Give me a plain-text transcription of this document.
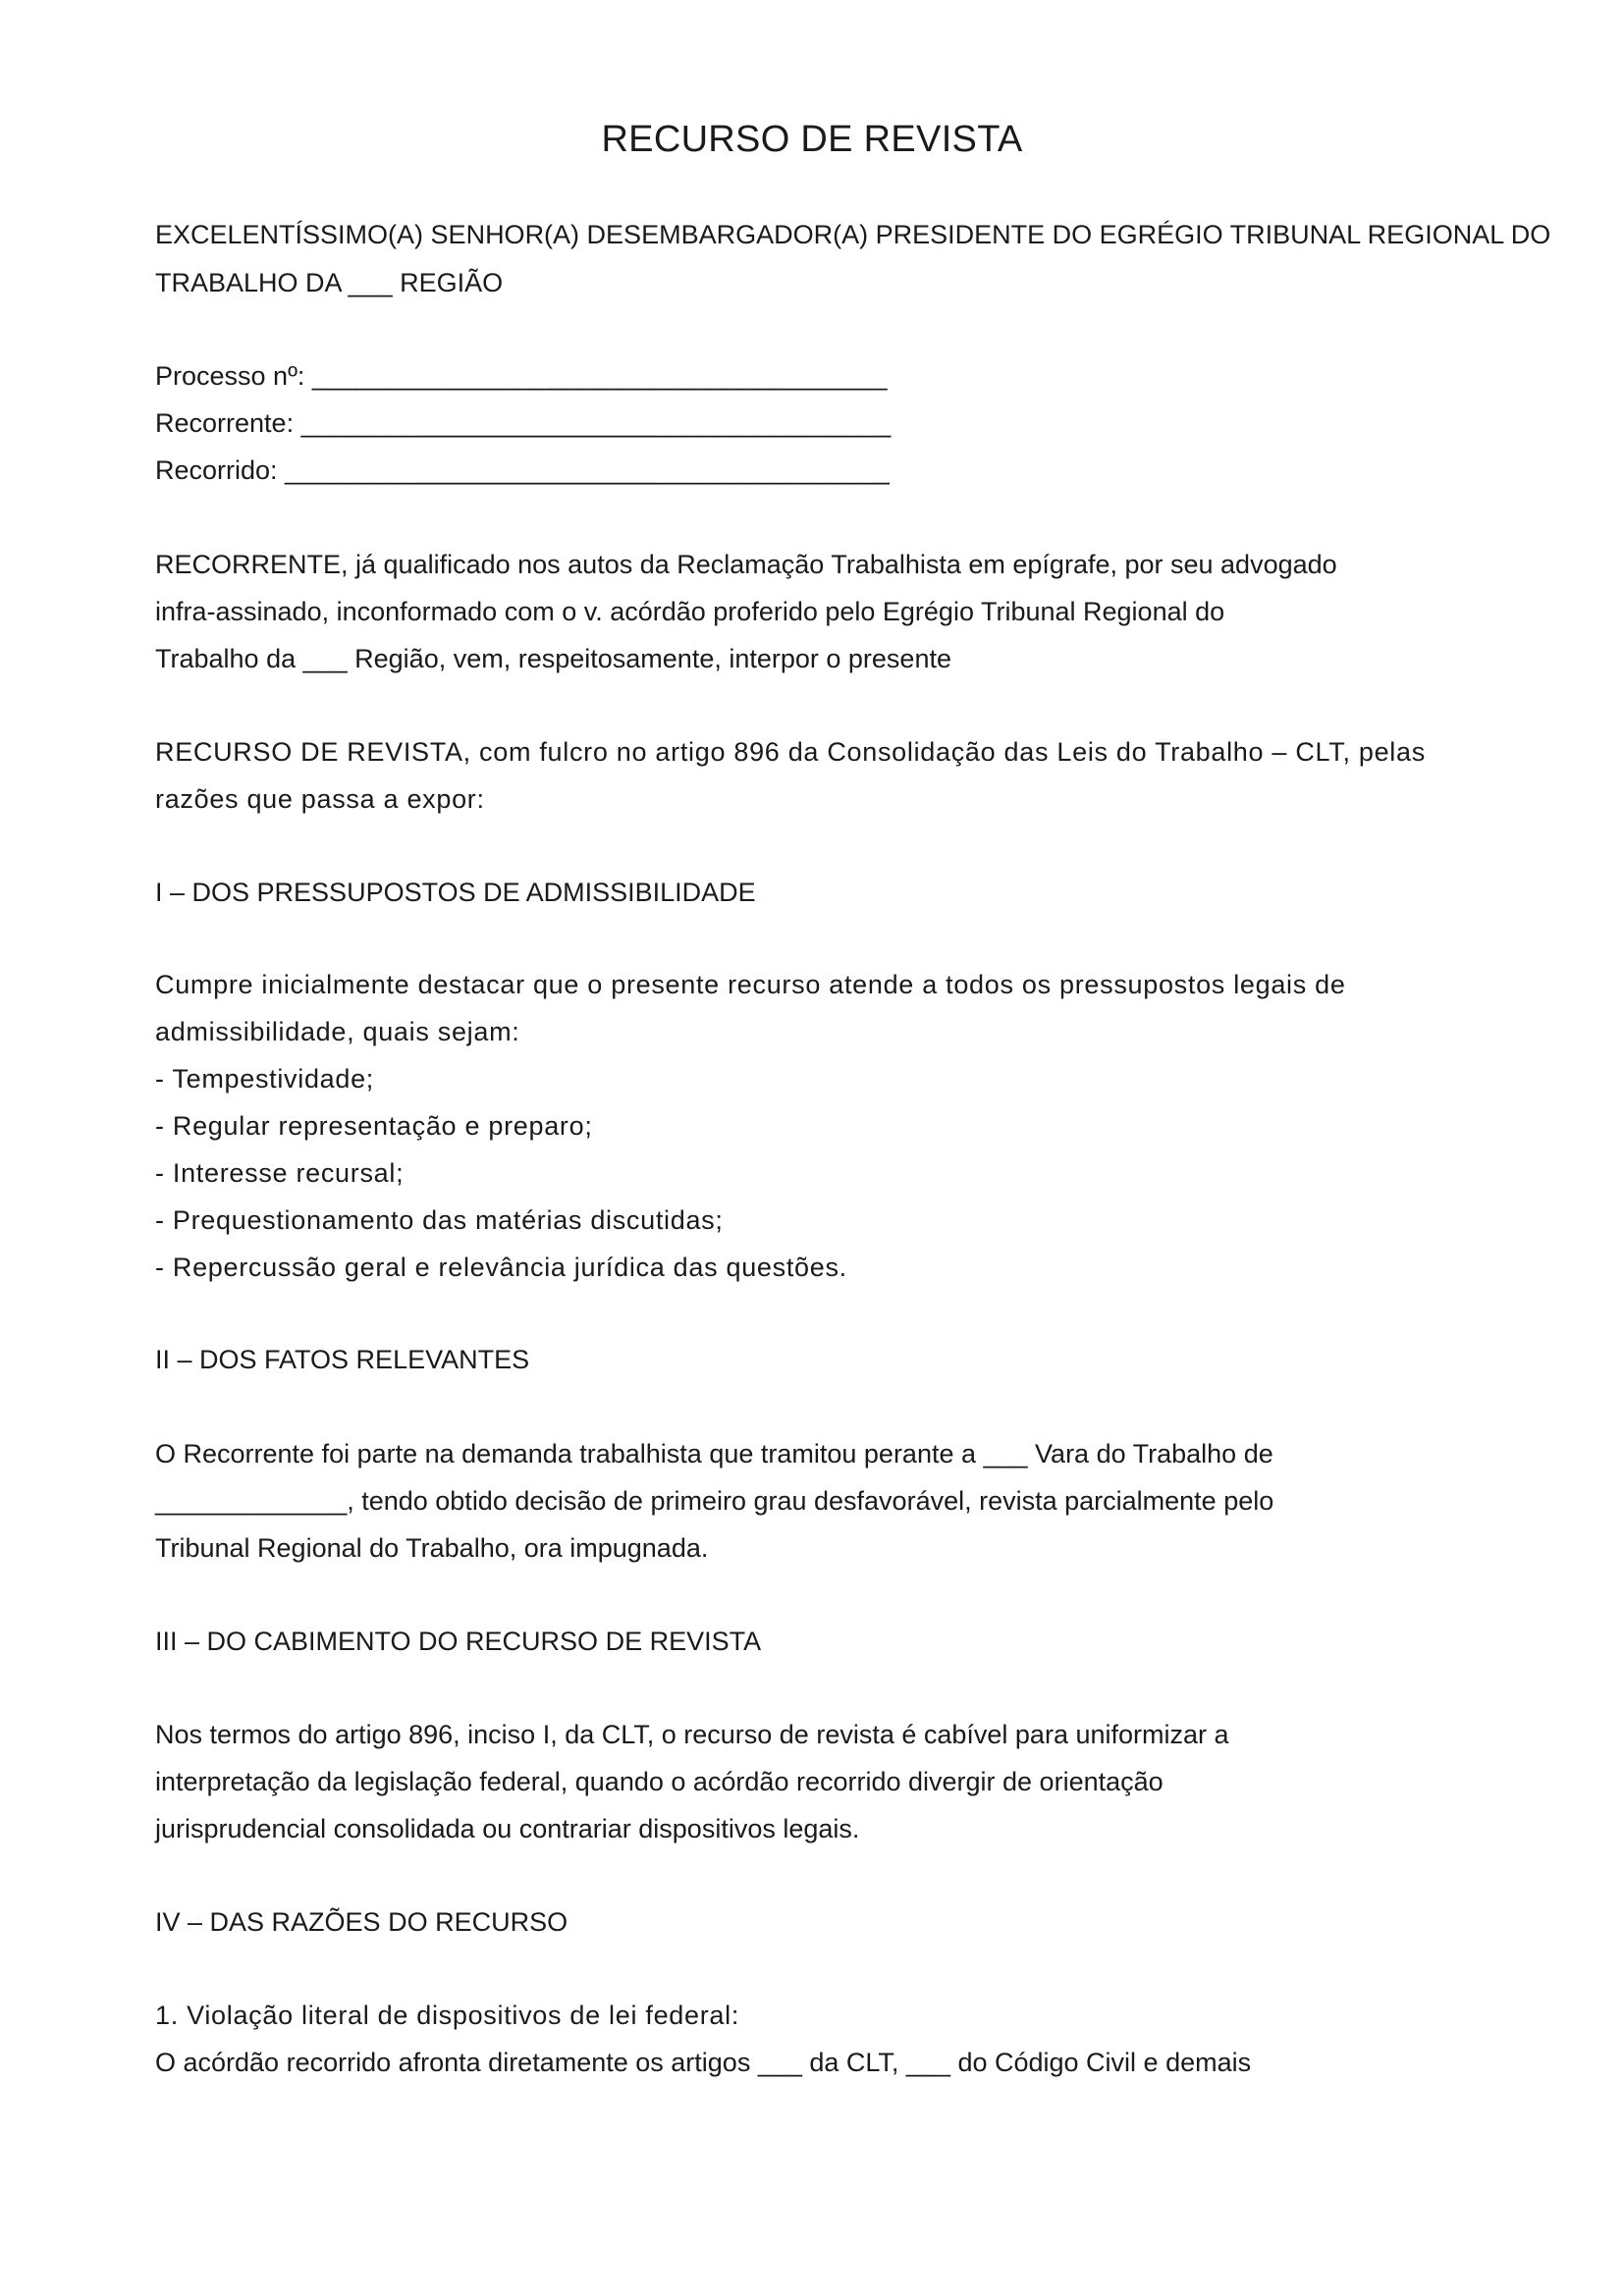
RECURSO DE REVISTA
EXCELENTÍSSIMO(A) SENHOR(A) DESEMBARGADOR(A) PRESIDENTE DO EGRÉGIO TRIBUNAL REGIONAL DO
TRABALHO DA ___ REGIÃO
Processo nº: _______________________________________
Recorrente: ________________________________________
Recorrido: _________________________________________
RECORRENTE, já qualificado nos autos da Reclamação Trabalhista em epígrafe, por seu advogado
infra-assinado, inconformado com o v. acórdão proferido pelo Egrégio Tribunal Regional do
Trabalho da ___ Região, vem, respeitosamente, interpor o presente
RECURSO DE REVISTA, com fulcro no artigo 896 da Consolidação das Leis do Trabalho – CLT, pelas
razões que passa a expor:
I – DOS PRESSUPOSTOS DE ADMISSIBILIDADE
Cumpre inicialmente destacar que o presente recurso atende a todos os pressupostos legais de
admissibilidade, quais sejam:
- Tempestividade;
- Regular representação e preparo;
- Interesse recursal;
- Prequestionamento das matérias discutidas;
- Repercussão geral e relevância jurídica das questões.
II – DOS FATOS RELEVANTES
O Recorrente foi parte na demanda trabalhista que tramitou perante a ___ Vara do Trabalho de
_____________, tendo obtido decisão de primeiro grau desfavorável, revista parcialmente pelo
Tribunal Regional do Trabalho, ora impugnada.
III – DO CABIMENTO DO RECURSO DE REVISTA
Nos termos do artigo 896, inciso I, da CLT, o recurso de revista é cabível para uniformizar a
interpretação da legislação federal, quando o acórdão recorrido divergir de orientação
jurisprudencial consolidada ou contrariar dispositivos legais.
IV – DAS RAZÕES DO RECURSO
1. Violação literal de dispositivos de lei federal:
O acórdão recorrido afronta diretamente os artigos ___ da CLT, ___ do Código Civil e demais
